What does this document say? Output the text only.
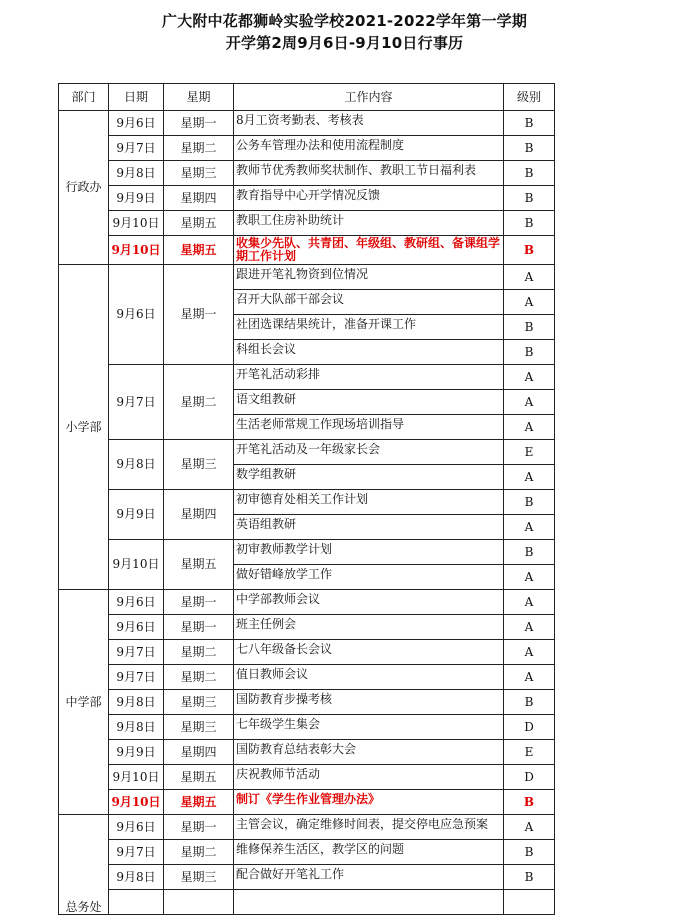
广大附中花都狮岭实验学校2021-2022学年第一学期
开学第2周9月6日-9月10日行事历
部门	日期	星期	工作内容	级别
行政办	9月6日	星期一	8月工资考勤表、考核表	B
	9月7日	星期二	公务车管理办法和使用流程制度	B
	9月8日	星期三	教师节优秀教师奖状制作、教职工节日福利表	B
	9月9日	星期四	教育指导中心开学情况反馈	B
	9月10日	星期五	教职工住房补助统计	B
	9月10日	星期五	收集少先队、共青团、年级组、教研组、备课组学期工作计划	B
小学部	9月6日	星期一	跟进开笔礼物资到位情况	A
			召开大队部干部会议	A
			社团选课结果统计，准备开课工作	B
			科组长会议	B
	9月7日	星期二	开笔礼活动彩排	A
			语文组教研	A
			生活老师常规工作现场培训指导	A
	9月8日	星期三	开笔礼活动及一年级家长会	E
			数学组教研	A
	9月9日	星期四	初审德育处相关工作计划	B
			英语组教研	A
	9月10日	星期五	初审教师教学计划	B
			做好错峰放学工作	A
中学部	9月6日	星期一	中学部教师会议	A
	9月6日	星期一	班主任例会	A
	9月7日	星期二	七八年级备长会议	A
	9月7日	星期二	值日教师会议	A
	9月8日	星期三	国防教育步操考核	B
	9月8日	星期三	七年级学生集会	D
	9月9日	星期四	国防教育总结表彰大会	E
	9月10日	星期五	庆祝教师节活动	D
	9月10日	星期五	制订《学生作业管理办法》	B
总务处	9月6日	星期一	主管会议，确定维修时间表，提交停电应急预案	A
	9月7日	星期二	维修保养生活区，教学区的问题	B
	9月8日	星期三	配合做好开笔礼工作	B
